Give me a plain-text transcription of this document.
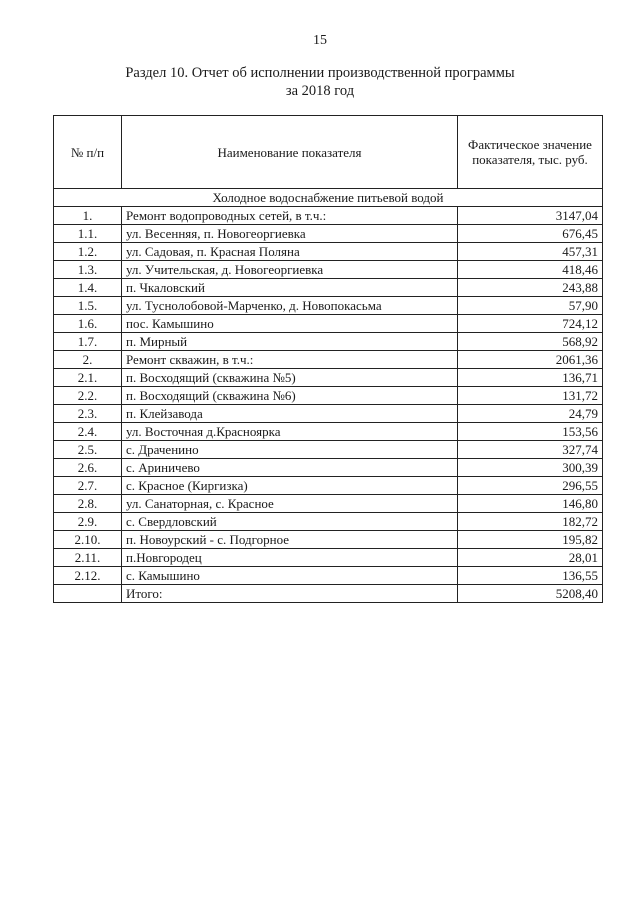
15
Раздел 10. Отчет об исполнении производственной программы
за 2018 год
№ п/п	Наименование показателя	Фактическое значение показателя, тыс. руб.
Холодное водоснабжение питьевой водой		
1.	Ремонт водопроводных сетей, в т.ч.:	3147,04
1.1.	ул. Весенняя, п. Новогеоргиевка	676,45
1.2.	ул. Садовая, п. Красная Поляна	457,31
1.3.	ул. Учительская, д. Новогеоргиевка	418,46
1.4.	п. Чкаловский	243,88
1.5.	ул. Туснолобовой-Марченко, д. Новопокасьма	57,90
1.6.	пос. Камышино	724,12
1.7.	п. Мирный	568,92
2.	Ремонт скважин, в т.ч.:	2061,36
2.1.	п. Восходящий (скважина №5)	136,71
2.2.	п. Восходящий (скважина №6)	131,72
2.3.	п. Клейзавода	24,79
2.4.	ул. Восточная д.Красноярка	153,56
2.5.	с. Драченино	327,74
2.6.	с. Ариничево	300,39
2.7.	с. Красное (Киргизка)	296,55
2.8.	ул. Санаторная, с. Красное	146,80
2.9.	с. Свердловский	182,72
2.10.	п. Новоурский - с. Подгорное	195,82
2.11.	п.Новгородец	28,01
2.12.	с. Камышино	136,55
	Итого:	5208,40
